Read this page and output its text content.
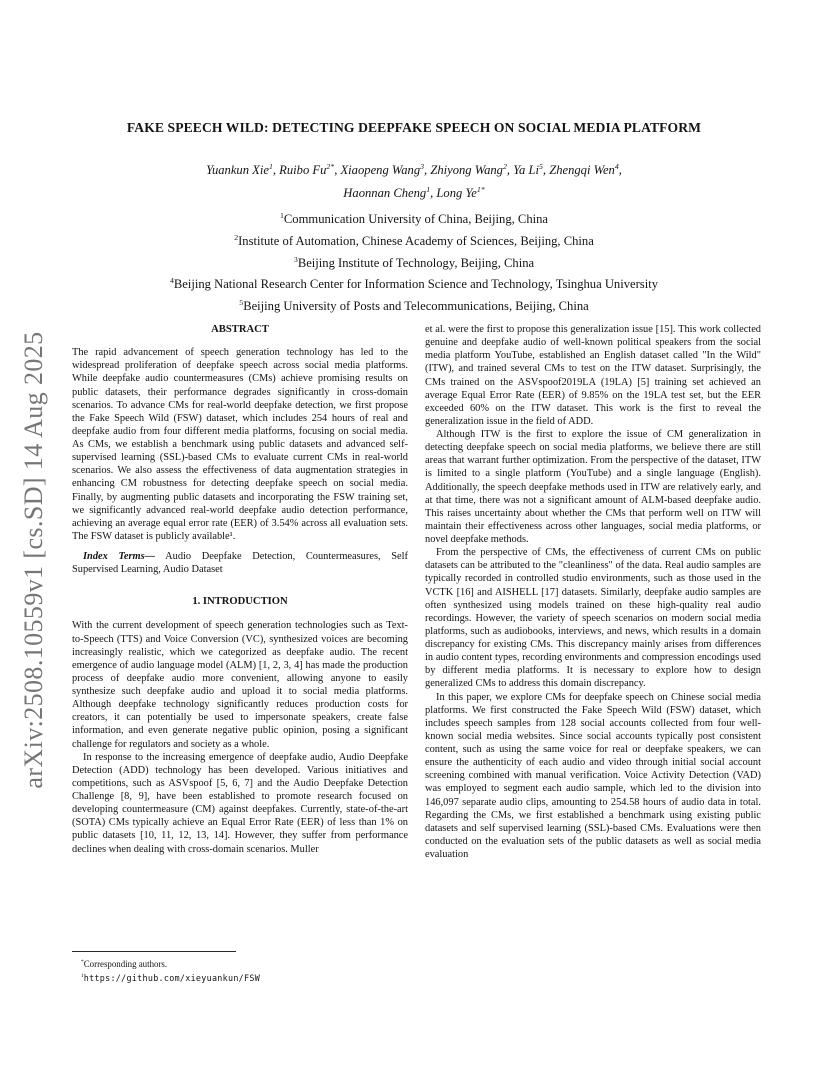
arXiv:2508.10559v1 [cs.SD] 14 Aug 2025
FAKE SPEECH WILD: DETECTING DEEPFAKE SPEECH ON SOCIAL MEDIA PLATFORM
Yuankun Xie$^1$, Ruibo $Fu^{2*}$, Xiaopeng Wang$^3$, Zhiyong Wang$^2$, Ya Li$^5$, Zhengqi Wen$^4$,
Haonnan Cheng$^1$, Long $Ye^{1*}$
$^1$Communication University of China, Beijing, China
$^2$Institute of Automation, Chinese Academy of Sciences, Beijing, China
$^3$Beijing Institute of Technology, Beijing, China
$^4$Beijing National Research Center for Information Science and Technology, Tsinghua University
$^5$Beijing University of Posts and Telecommunications, Beijing, China
ABSTRACT

The rapid advancement of speech generation technology has led to the widespread proliferation of deepfake speech across social media platforms. While deepfake audio countermeasures (CMs) achieve promising results on public datasets, their performance degrades significantly in cross-domain scenarios. To advance CMs for real-world deepfake detection, we first propose the Fake Speech Wild (FSW) dataset, which includes 254 hours of real and deepfake audio from four different media platforms, focusing on social media. As CMs, we establish a benchmark using public datasets and advanced self-supervised learning (SSL)-based CMs to evaluate current CMs in real-world scenarios. We also assess the effectiveness of data augmentation strategies in enhancing CM robustness for detecting deepfake speech on social media. Finally, by augmenting public datasets and incorporating the FSW training set, we significantly advanced real-world deepfake audio detection performance, achieving an average equal error rate (EER) of 3.54% across all evaluation sets. The FSW dataset is publicly available¹.

Index Terms— Audio Deepfake Detection, Countermeasures, Self Supervised Learning, Audio Dataset

1. INTRODUCTION

With the current development of speech generation technologies such as Text-to-Speech (TTS) and Voice Conversion (VC), synthesized voices are becoming increasingly realistic, which we categorized as deepfake audio. The recent emergence of audio language model (ALM) [1, 2, 3, 4] has made the production process of deepfake audio more convenient, allowing anyone to easily synthesize such deepfake audio and upload it to social media platforms. Although deepfake technology significantly reduces production costs for creators, it can potentially be used to impersonate speakers, create false information, and even generate negative public opinion, posing a significant challenge for regulators and society as a whole.

In response to the increasing emergence of deepfake audio, Audio Deepfake Detection (ADD) technology has been developed. Various initiatives and competitions, such as ASVspoof [5, 6, 7] and the Audio Deepfake Detection Challenge [8, 9], have been established to promote research focused on developing countermeasure (CM) against deepfakes. Currently, state-of-the-art (SOTA) CMs typically achieve an Equal Error Rate (EER) of less than 1% on public datasets [10, 11, 12, 13, 14]. However, they suffer from performance declines when dealing with cross-domain scenarios. Muller

*Corresponding authors.
$^1$https://github.com/xieyuankun/FSW

et al. were the first to propose this generalization issue [15]. This work collected genuine and deepfake audio of well-known political speakers from the social media platform YouTube, established an English dataset called "In the Wild" (ITW), and trained several CMs to test on the ITW dataset. Surprisingly, the CMs trained on the ASVspoof2019LA (19LA) [5] training set achieved an average Equal Error Rate (EER) of 9.85% on the 19LA test set, but the EER exceeded 60% on the ITW dataset. This work is the first to reveal the generalization issue in the field of ADD.

Although ITW is the first to explore the issue of CM generalization in detecting deepfake speech on social media platforms, we believe there are still areas that warrant further optimization. From the perspective of the dataset, ITW is limited to a single platform (YouTube) and a single language (English). Additionally, the speech deepfake methods used in ITW are relatively early, and at that time, there was not a significant amount of ALM-based deepfake audio. This raises uncertainty about whether the CMs that perform well on ITW will maintain their effectiveness across other languages, social media platforms, or novel deepfake methods.

From the perspective of CMs, the effectiveness of current CMs on public datasets can be attributed to the "cleanliness" of the data. Real audio samples are typically recorded in controlled studio environments, such as those used in the VCTK [16] and AISHELL [17] datasets. Similarly, deepfake audio samples are often synthesized using models trained on these high-quality real audio recordings. However, the variety of speech scenarios on modern social media platforms, such as audiobooks, interviews, and news, which results in a domain discrepancy for existing CMs. This discrepancy mainly arises from differences in audio content types, recording environments and compression encodings used by different media platforms. It is necessary to explore how to design generalized CMs to address this domain discrepancy.

In this paper, we explore CMs for deepfake speech on Chinese social media platforms. We first constructed the Fake Speech Wild (FSW) dataset, which includes speech samples from 128 social accounts collected from four well-known social media websites. Since social accounts typically post consistent content, such as using the same voice for real or deepfake speakers, we can ensure the authenticity of each audio and video through initial social account screening combined with manual verification. Voice Activity Detection (VAD) was employed to segment each audio sample, which led to the division into 146,097 separate audio clips, amounting to 254.58 hours of audio data in total. Regarding the CMs, we first established a benchmark using existing public datasets and self supervised learning (SSL)-based CMs. Evaluations were then conducted on the evaluation sets of the public datasets as well as social media evaluation
